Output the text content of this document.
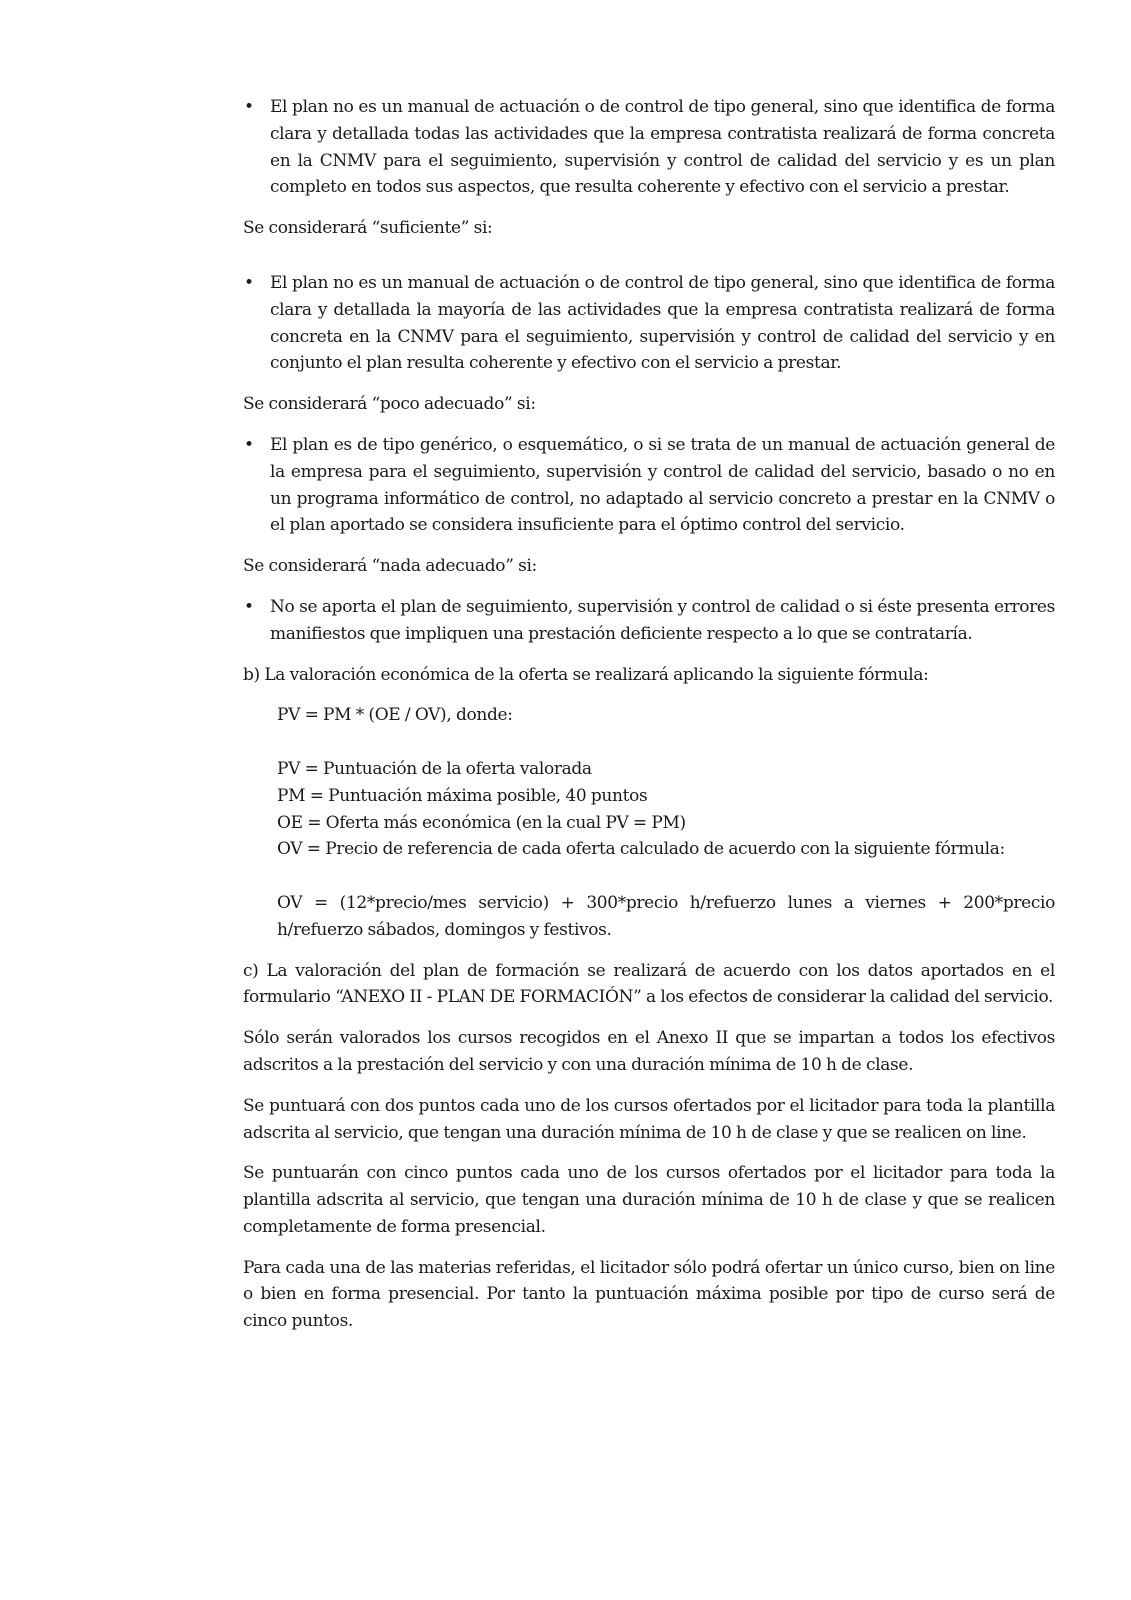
• El plan no es un manual de actuación o de control de tipo general, sino que identifica de forma clara y detallada todas las actividades que la empresa contratista realizará de forma concreta en la CNMV para el seguimiento, supervisión y control de calidad del servicio y es un plan completo en todos sus aspectos, que resulta coherente y efectivo con el servicio a prestar.

Se considerará “suficiente” si:

• El plan no es un manual de actuación o de control de tipo general, sino que identifica de forma clara y detallada la mayoría de las actividades que la empresa contratista realizará de forma concreta en la CNMV para el seguimiento, supervisión y control de calidad del servicio y en conjunto el plan resulta coherente y efectivo con el servicio a prestar.

Se considerará “poco adecuado” si:

• El plan es de tipo genérico, o esquemático, o si se trata de un manual de actuación general de la empresa para el seguimiento, supervisión y control de calidad del servicio, basado o no en un programa informático de control, no adaptado al servicio concreto a prestar en la CNMV o el plan aportado se considera insuficiente para el óptimo control del servicio.

Se considerará “nada adecuado” si:

• No se aporta el plan de seguimiento, supervisión y control de calidad o si éste presenta errores manifiestos que impliquen una prestación deficiente respecto a lo que se contrataría.

b) La valoración económica de la oferta se realizará aplicando la siguiente fórmula:

PV = PM * (OE / OV), donde:
PV = Puntuación de la oferta valorada
PM = Puntuación máxima posible, 40 puntos
OE = Oferta más económica (en la cual PV = PM)
OV = Precio de referencia de cada oferta calculado de acuerdo con la siguiente fórmula:
OV = (12*precio/mes servicio) + 300*precio h/refuerzo lunes a viernes + 200*precio h/refuerzo sábados, domingos y festivos.

c) La valoración del plan de formación se realizará de acuerdo con los datos aportados en el formulario “ANEXO II - PLAN DE FORMACIÓN” a los efectos de considerar la calidad del servicio.

Sólo serán valorados los cursos recogidos en el Anexo II que se impartan a todos los efectivos adscritos a la prestación del servicio y con una duración mínima de 10 h de clase.

Se puntuará con dos puntos cada uno de los cursos ofertados por el licitador para toda la plantilla adscrita al servicio, que tengan una duración mínima de 10 h de clase y que se realicen on line.

Se puntuarán con cinco puntos cada uno de los cursos ofertados por el licitador para toda la plantilla adscrita al servicio, que tengan una duración mínima de 10 h de clase y que se realicen completamente de forma presencial.

Para cada una de las materias referidas, el licitador sólo podrá ofertar un único curso, bien on line o bien en forma presencial. Por tanto la puntuación máxima posible por tipo de curso será de cinco puntos.
